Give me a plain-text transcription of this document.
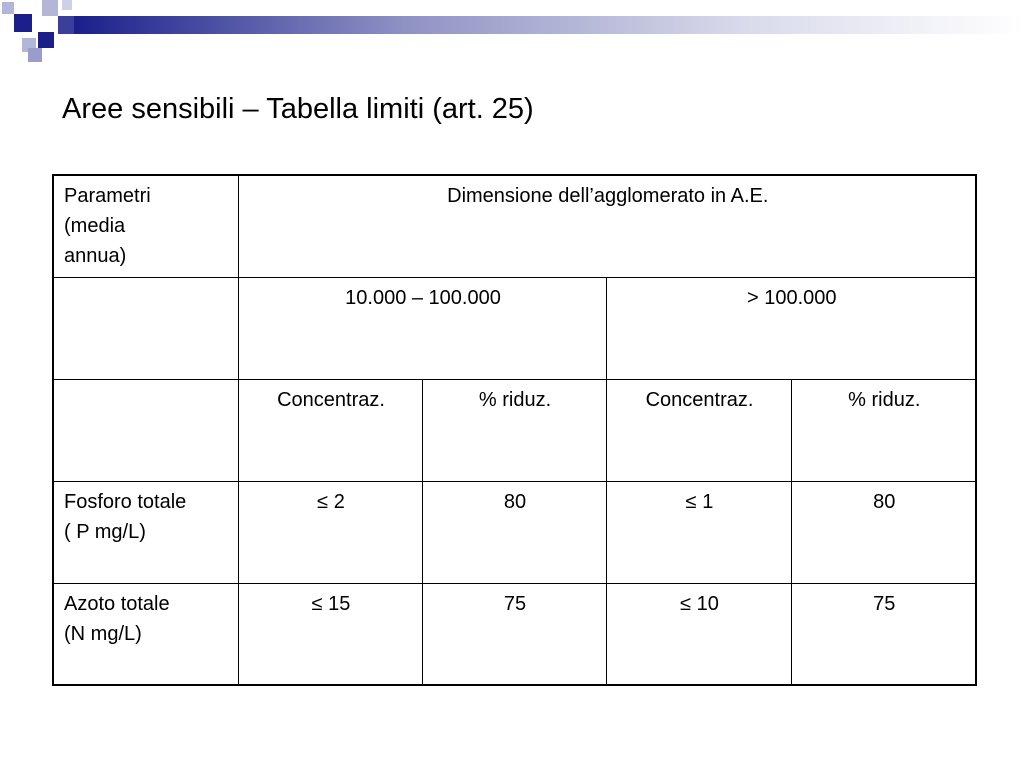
Aree sensibili – Tabella limiti (art. 25)
Parametri
(media
annua)	Dimensione dell’agglomerato in A.E.			
	10.000 – 100.000		> 100.000	
	Concentraz.	% riduz.	Concentraz.	% riduz.

Fosforo totale
( P mg/L)	≤ 2	80	≤ 1	80

Azoto totale
(N mg/L)	≤ 15	75	≤ 10	75
